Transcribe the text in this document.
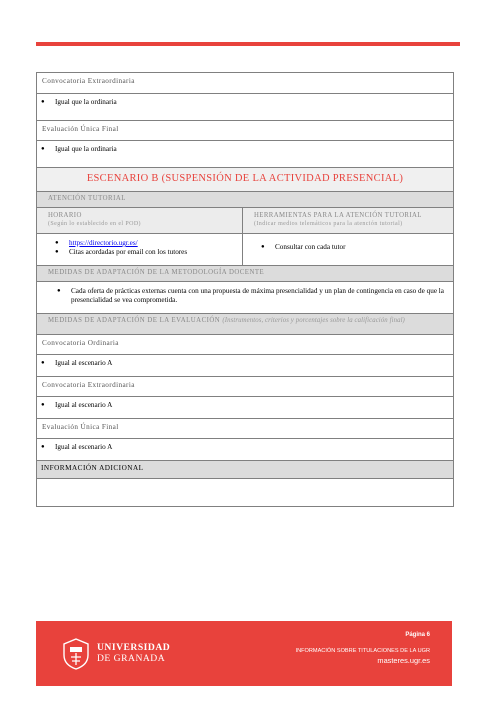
Convocatoria Extraordinaria
● Igual que la ordinaria
Evaluación Única Final
● Igual que la ordinaria
ESCENARIO B (SUSPENSIÓN DE LA ACTIVIDAD PRESENCIAL)
ATENCIÓN TUTORIAL
HORARIO
(Según lo establecido en el POD)
HERRAMIENTAS PARA LA ATENCIÓN TUTORIAL
(Indicar medios telemáticos para la atención tutorial)
● https://directorio.ugr.es/
● Citas acordadas por email con los tutores
● Consultar con cada tutor
MEDIDAS DE ADAPTACIÓN DE LA METODOLOGÍA DOCENTE
●	Cada oferta de prácticas externas cuenta con una propuesta de máxima presencialidad y un plan de contingencia en caso de que la presencialidad se vea comprometida.
MEDIDAS DE ADAPTACIÓN DE LA EVALUACIÓN (Instrumentos, criterios y porcentajes sobre la calificación final)
Convocatoria Ordinaria
● Igual al escenario A
Convocatoria Extraordinaria
● Igual al escenario A
Evaluación Única Final
● Igual al escenario A
INFORMACIÓN ADICIONAL
UNIVERSIDAD
DE GRANADA
Página 6
INFORMACIÓN SOBRE TITULACIONES DE LA UGR
masteres.ugr.es
